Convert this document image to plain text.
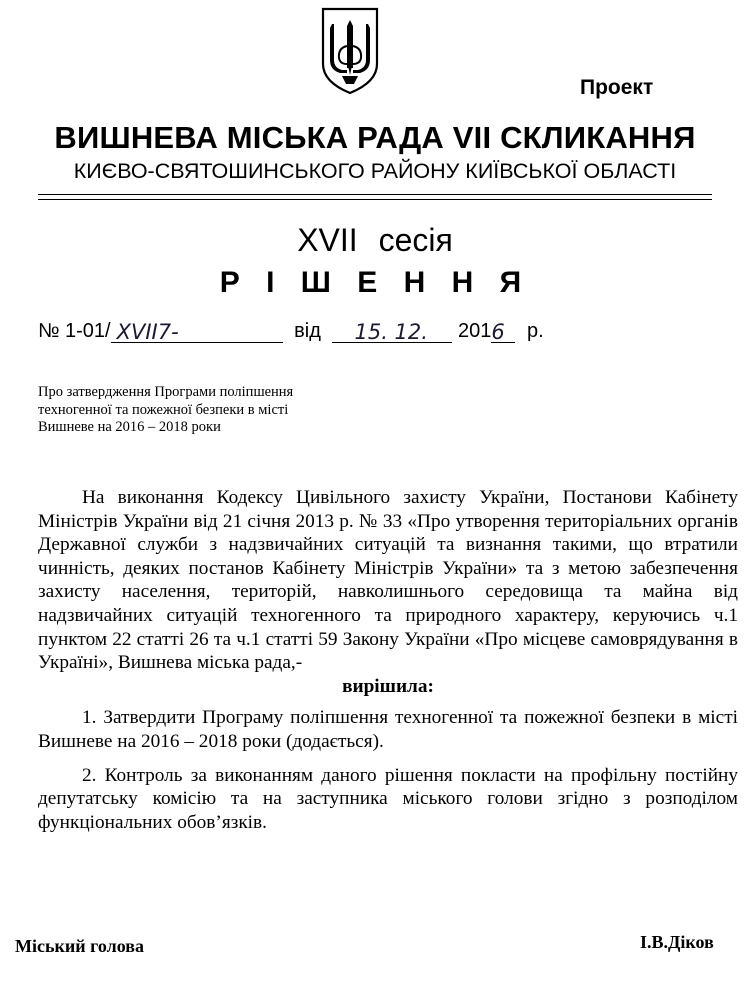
Проект
ВИШНЕВА МІСЬКА РАДА VII СКЛИКАННЯ
КИЄВО-СВЯТОШИНСЬКОГО РАЙОНУ КИЇВСЬКОЇ ОБЛАСТІ
XVII сесія
Р І Ш Е Н Н Я
№ 1-01/ XVII7-	від 15. 12. 201 6 р.
Про затвердження Програми поліпшення
техногенної та пожежної безпеки в місті
Вишневе на 2016 – 2018 роки

На виконання Кодексу Цивільного захисту України, Постанови Кабінету Міністрів України від 21 січня 2013 р. № 33 «Про утворення територіальних органів Державної служби з надзвичайних ситуацій та визнання такими, що втратили чинність, деяких постанов Кабінету Міністрів України» та з метою забезпечення захисту населення, територій, навколишнього середовища та майна від надзвичайних ситуацій техногенного та природного характеру, керуючись ч.1 пунктом 22 статті 26 та ч.1 статті 59 Закону України «Про місцеве самоврядування в Україні», Вишнева міська рада,-

вирішила:

1. Затвердити Програму поліпшення техногенної та пожежної безпеки в місті Вишневе на 2016 – 2018 роки (додається).

2. Контроль за виконанням даного рішення покласти на профільну постійну депутатську комісію та на заступника міського голови згідно з розподілом функціональних обов’язків.

Міський голова	І.В.Діков
